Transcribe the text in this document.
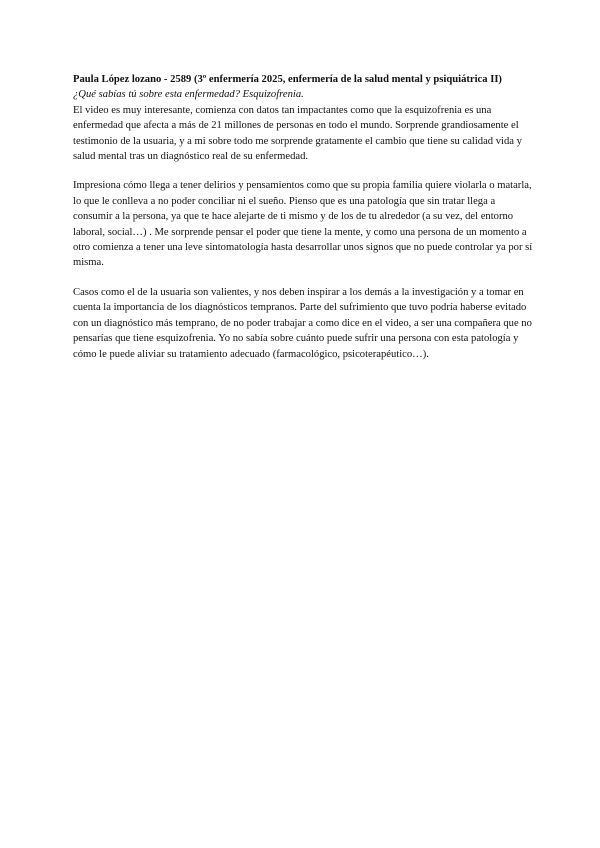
Paula López lozano - 2589 (3º enfermería 2025, enfermería de la salud mental y psiquiátrica II)

¿Qué sabías tú sobre esta enfermedad? Esquizofrenia.

El video es muy interesante, comienza con datos tan impactantes como que la esquizofrenia es una enfermedad que afecta a más de 21 millones de personas en todo el mundo. Sorprende grandiosamente el testimonio de la usuaria, y a mi sobre todo me sorprende gratamente el cambio que tiene su calidad vida y salud mental tras un diagnóstico real de su enfermedad.

Impresiona cómo llega a tener delirios y pensamientos como que su propia familia quiere violarla o matarla, lo que le conlleva a no poder conciliar ni el sueño. Pienso que es una patología que sin tratar llega a consumir a la persona, ya que te hace alejarte de ti mismo y de los de tu alrededor (a su vez, del entorno laboral, social…) . Me sorprende pensar el poder que tiene la mente, y como una persona de un momento a otro comienza a tener una leve sintomatología hasta desarrollar unos signos que no puede controlar ya por sí misma.

Casos como el de la usuaria son valientes, y nos deben inspirar a los demás a la investigación y a tomar en cuenta la importancia de los diagnósticos tempranos. Parte del sufrimiento que tuvo podría haberse evitado con un diagnóstico más temprano, de no poder trabajar a como dice en el video, a ser una compañera que no pensarías que tiene esquizofrenia. Yo no sabía sobre cuánto puede sufrir una persona con esta patología y cómo le puede aliviar su tratamiento adecuado (farmacológico, psicoterapéutico…).
